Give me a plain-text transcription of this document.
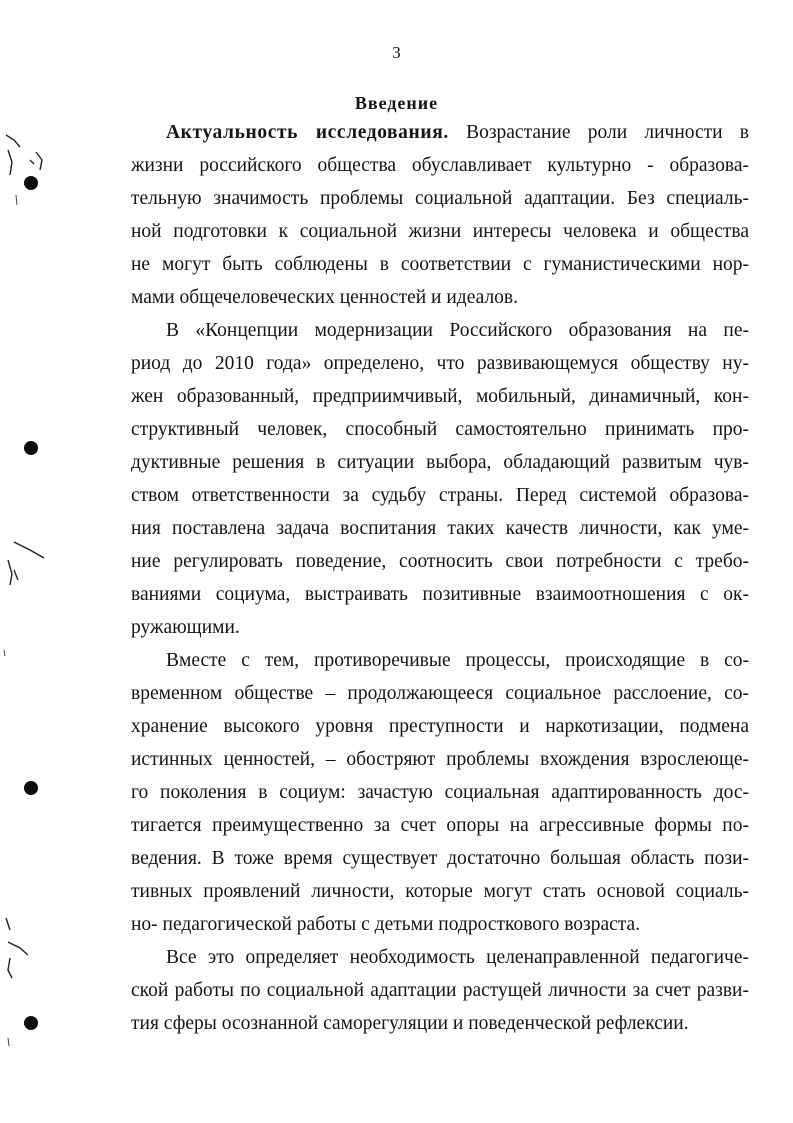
3
Введение
Актуальность исследования. Возрастание роли личности в
жизни российского общества обуславливает культурно - образова-
тельную значимость проблемы социальной адаптации. Без специаль-
ной подготовки к социальной жизни интересы человека и общества
не могут быть соблюдены в соответствии с гуманистическими нор-
мами общечеловеческих ценностей и идеалов.
В «Концепции модернизации Российского образования на пе-
риод до 2010 года» определено, что развивающемуся обществу нy-
жен образованный, предприимчивый, мобильный, динамичный, кон-
структивный человек, способный самостоятельно принимать про-
дуктивные решения в ситуации выбора, обладающий развитым чув-
ством ответственности за судьбу страны. Перед системой образова-
ния поставлена задача воспитания таких качеств личности, как уме-
ние регулировать поведение, соотносить свои потребности с требо-
ваниями социума, выстраивать позитивные взаимоотношения с ок-
ружающими.
Вместе с тем, противоречивые процессы, происходящие в со-
временном обществе – продолжающееся социальное расслоение, со-
хранение высокого уровня преступности и наркотизации, подмена
истинных ценностей, – обостряют проблемы вхождения взрослеюще-
го поколения в социум: зачастую социальная адаптированность дос-
тигается преимущественно за счет опоры на агрессивные формы по-
ведения. В тоже время существует достаточно большая область пози-
тивных проявлений личности, которые могут стать основой социаль-
но- педагогической работы с детьми подросткового возраста.
Все это определяет необходимость целенаправленной педагогиче-
ской работы по социальной адаптации растущей личности за счет разви-
тия сферы осознанной саморегуляции и поведенческой рефлексии.
